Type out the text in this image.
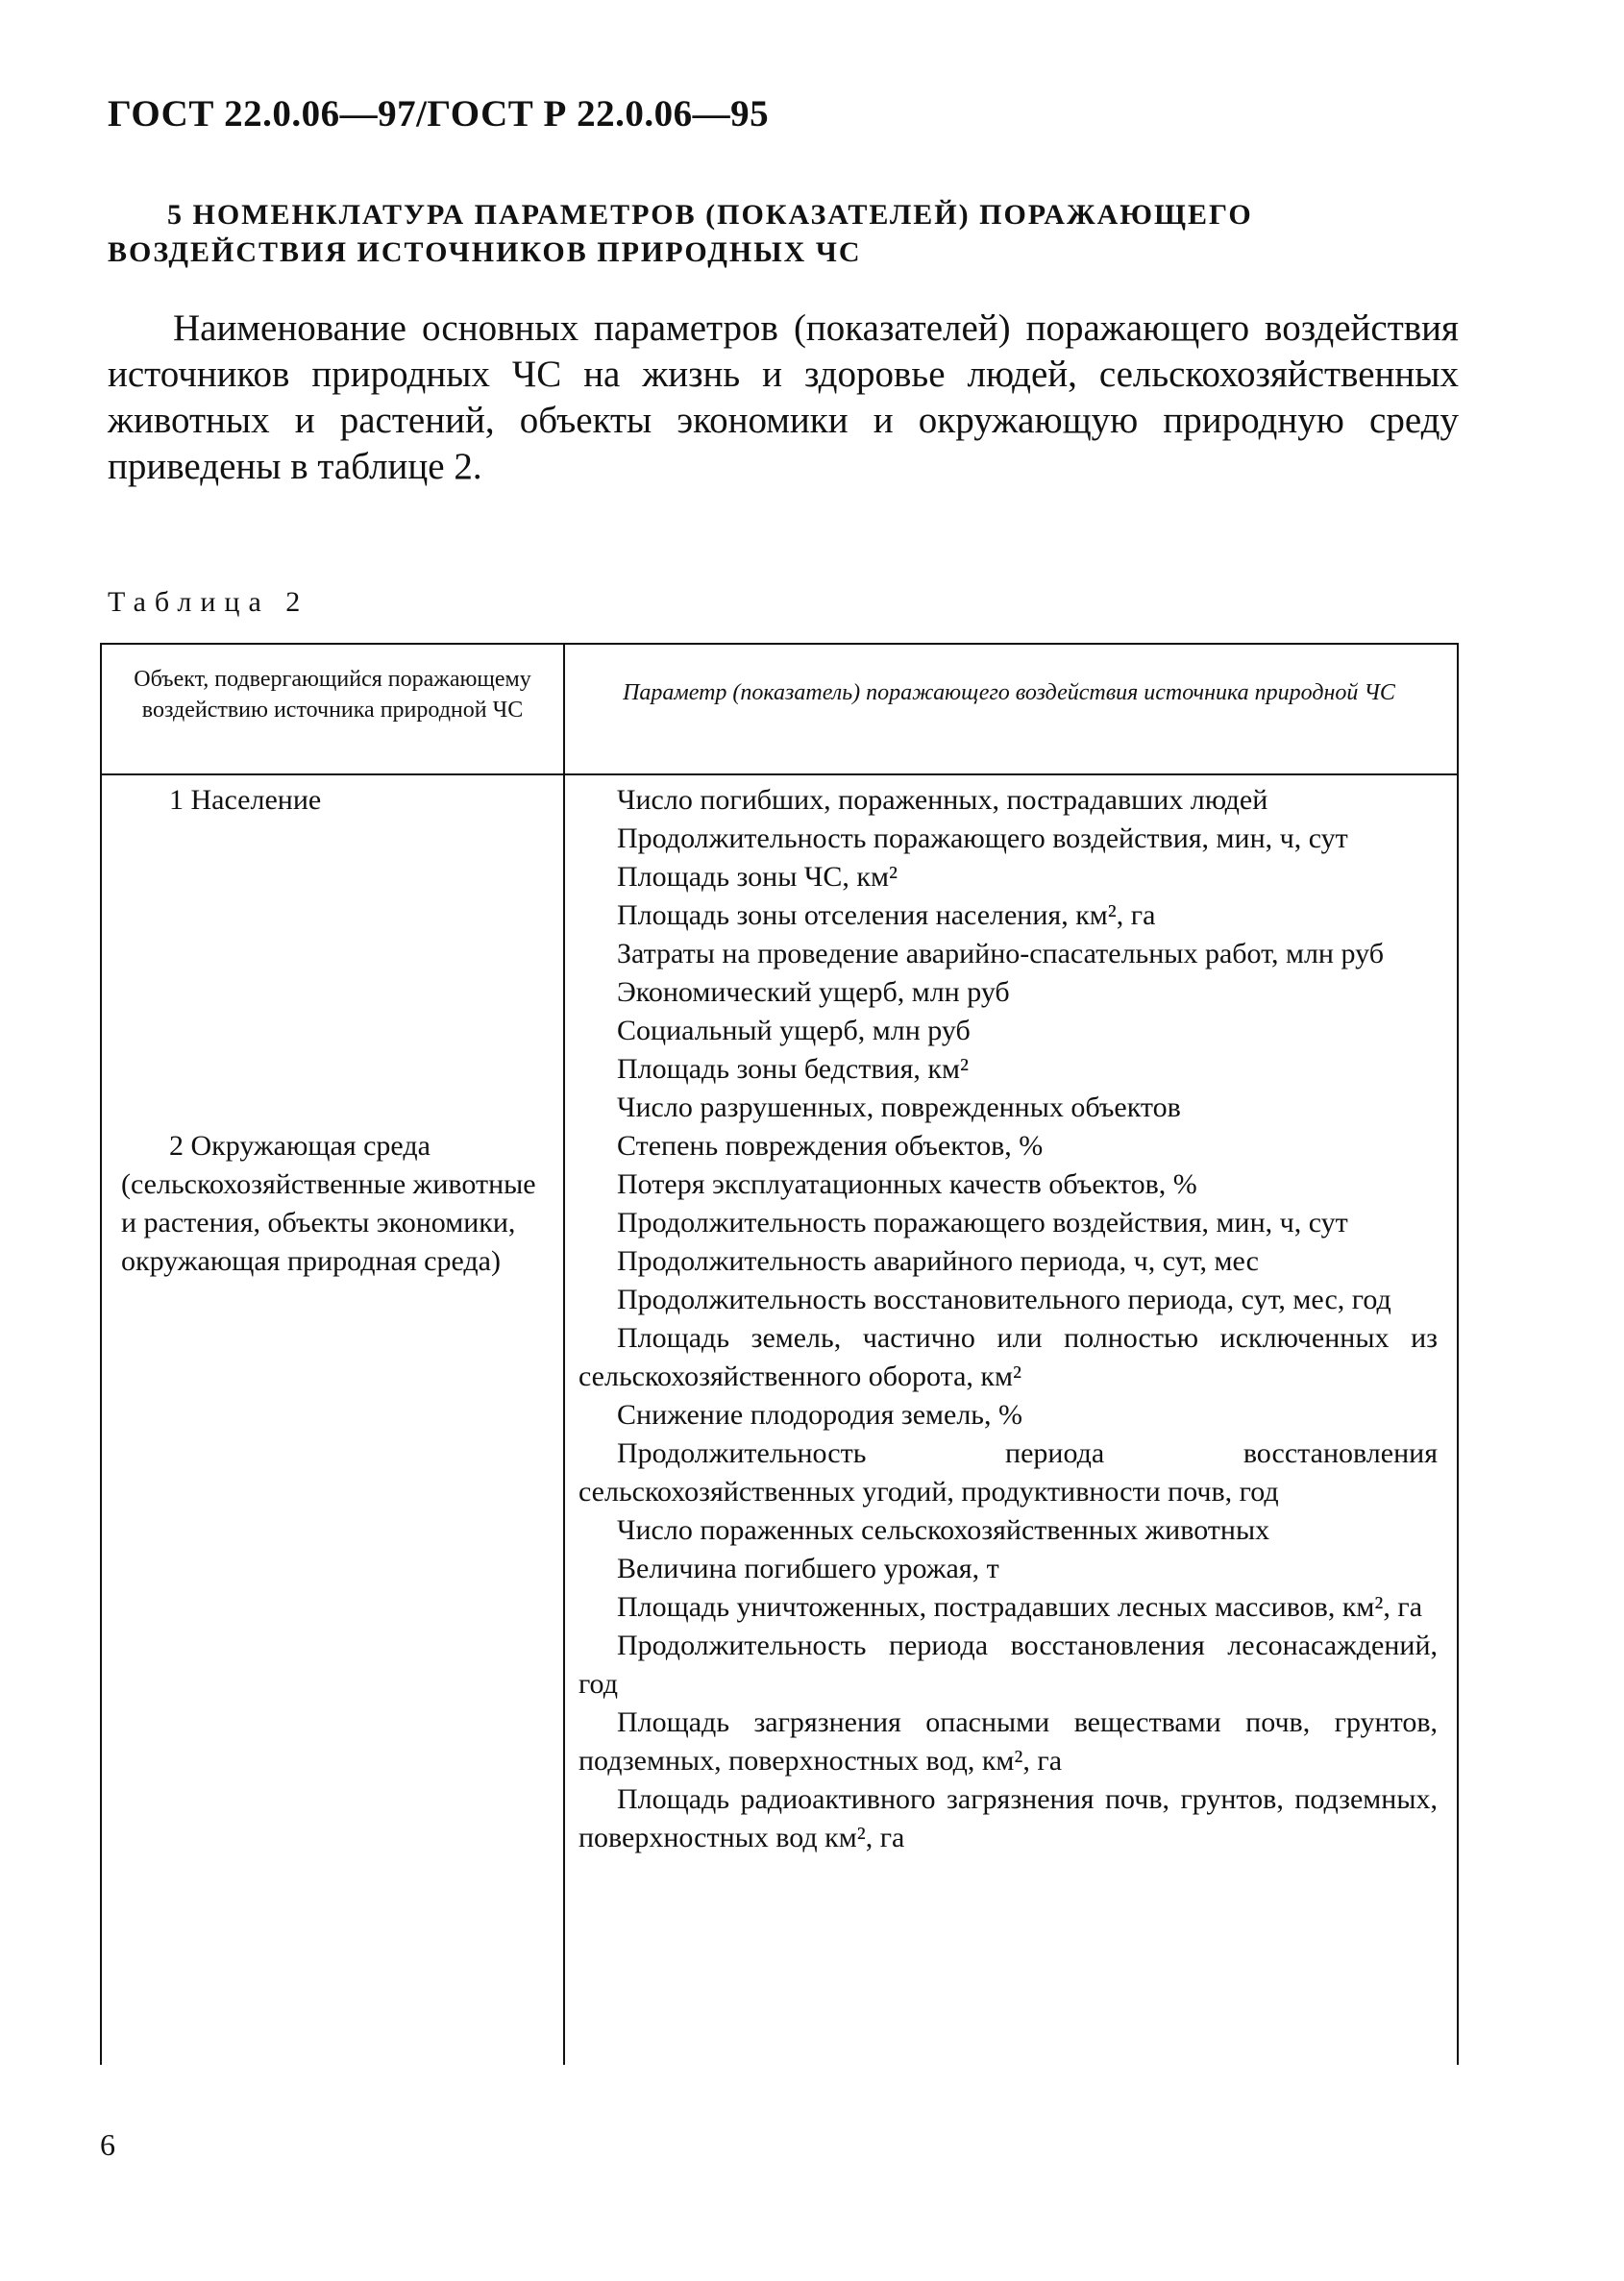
ГОСТ 22.0.06—97/ГОСТ Р 22.0.06—95
5 НОМЕНКЛАТУРА ПАРАМЕТРОВ (ПОКАЗАТЕЛЕЙ) ПОРАЖАЮЩЕГО
ВОЗДЕЙСТВИЯ ИСТОЧНИКОВ ПРИРОДНЫХ ЧС
Наименование основных параметров (показателей) поражающего воздействия источников природных ЧС на жизнь и здоровье людей, сельскохозяйственных животных и растений, объекты экономики и окружающую природную среду приведены в таблице 2.
Таблица 2
Объект, подвергающийся поражающему воздействию источника природной ЧС
Параметр (показатель) поражающего воздействия источника природной ЧС
1 Население
2 Окружающая среда
(сельскохозяйственные животные и растения, объекты экономики, окружающая природная среда)
Число погибших, пораженных, пострадавших людей
Продолжительность поражающего воздействия, мин, ч, сут
Площадь зоны ЧС, км²
Площадь зоны отселения населения, км², га
Затраты на проведение аварийно-спасательных работ, млн руб
Экономический ущерб, млн руб
Социальный ущерб, млн руб
Площадь зоны бедствия, км²
Число разрушенных, поврежденных объектов
Степень повреждения объектов, %
Потеря эксплуатационных качеств объектов, %
Продолжительность поражающего воздействия, мин, ч, сут
Продолжительность аварийного периода, ч, сут, мес
Продолжительность восстановительного периода, сут, мес, год
Площадь земель, частично или полностью исключенных из сельскохозяйственного оборота, км²
Снижение плодородия земель, %
Продолжительность периода восстановления сельскохозяйственных угодий, продуктивности почв, год
Число пораженных сельскохозяйственных животных
Величина погибшего урожая, т
Площадь уничтоженных, пострадавших лесных массивов, км², га
Продолжительность периода восстановления лесонасаждений, год
Площадь загрязнения опасными веществами почв, грунтов, подземных, поверхностных вод, км², га
Площадь радиоактивного загрязнения почв, грунтов, подземных, поверхностных вод км², га
6
